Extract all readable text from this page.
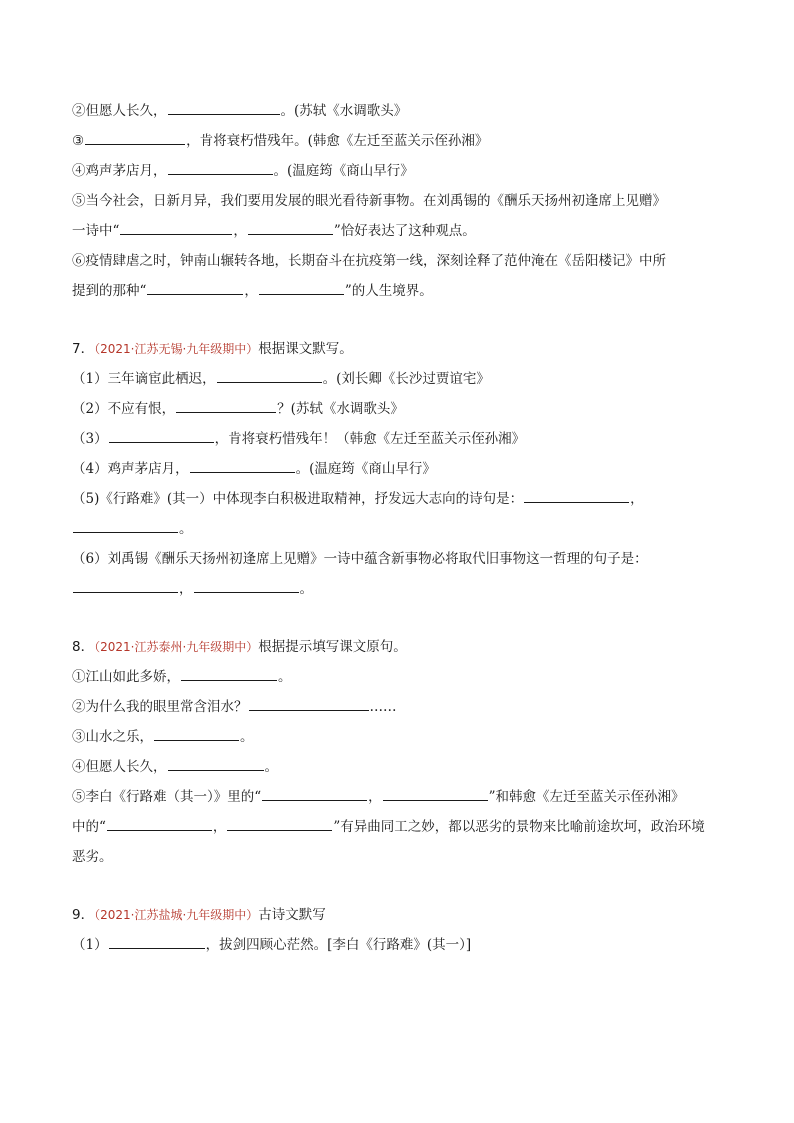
②但愿人长久，	。(苏轼《水调歌头》
③	，肯将衰朽惜残年。(韩愈《左迁至蓝关示侄孙湘》
④鸡声茅店月，	。(温庭筠《商山早行》
⑤当今社会，日新月异，我们要用发展的眼光看待新事物。在刘禹锡的《酬乐天扬州初逢席上见赠》
一诗中“	，	”恰好表达了这种观点。
⑥疫情肆虐之时，钟南山辗转各地，长期奋斗在抗疫第一线，深刻诠释了范仲淹在《岳阳楼记》中所
提到的那种“	，	”的人生境界。
7．（2021·江苏无锡·九年级期中）根据课文默写。
（1）三年谪宦此栖迟，	。(刘长卿《长沙过贾谊宅》
（2）不应有恨，	？(苏轼《水调歌头》
（3）	，肯将衰朽惜残年！（韩愈《左迁至蓝关示侄孙湘》
（4）鸡声茅店月，	。(温庭筠《商山早行》
（5)《行路难》(其一）中体现李白积极进取精神，抒发远大志向的诗句是：	，
。
（6）刘禹锡《酬乐天扬州初逢席上见赠》一诗中蕴含新事物必将取代旧事物这一哲理的句子是：
，	。
8．（2021·江苏泰州·九年级期中）根据提示填写课文原句。
①江山如此多娇，	。
②为什么我的眼里常含泪水？	……
③山水之乐，	。
④但愿人长久，	。
⑤李白《行路难（其一）》里的“	，	”和韩愈《左迁至蓝关示侄孙湘》
中的“	，	”有异曲同工之妙，都以恶劣的景物来比喻前途坎坷，政治环境
恶劣。
9．（2021·江苏盐城·九年级期中）古诗文默写
（1）	，拔剑四顾心茫然。[李白《行路难》(其一）]
